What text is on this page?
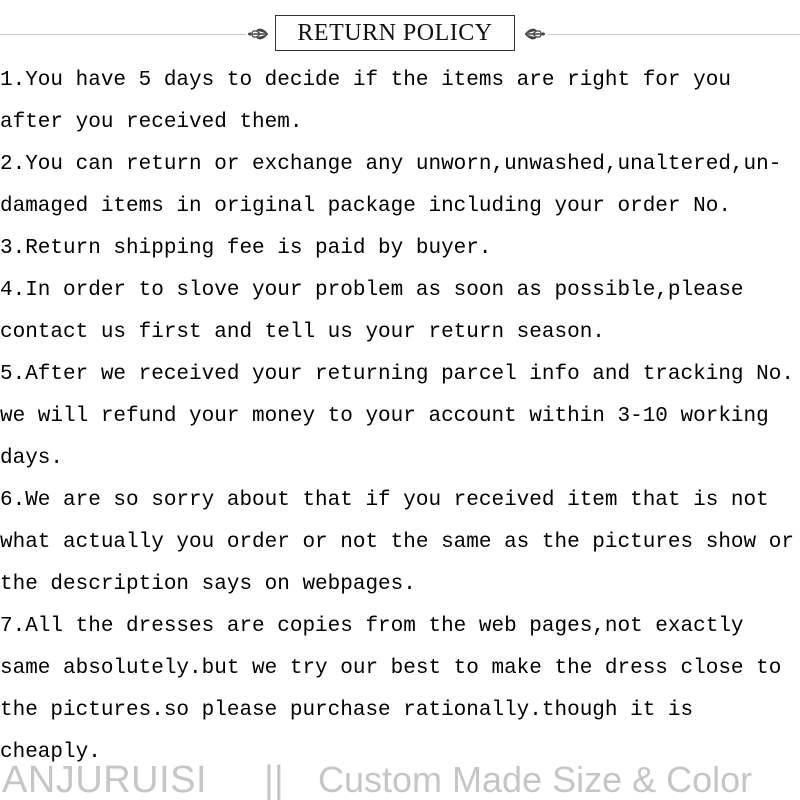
RETURN POLICY
1.You have 5 days to decide if the items are right for you
after you received them.
2.You can return or exchange any unworn,unwashed,unaltered,un-
damaged items in original package including your order No.
3.Return shipping fee is paid by buyer.
4.In order to slove your problem as soon as possible,please
contact us first and tell us your return season.
5.After we received your returning parcel info and tracking No.
we will refund your money to your account within 3-10 working
days.
6.We are so sorry about that if you received item that is not
what actually you order or not the same as the pictures show or
the description says on webpages.
7.All the dresses are copies from the web pages,not exactly
same absolutely.but we try our best to make the dress close to
the pictures.so please purchase rationally.though it is
cheaply.
ANJURUISI || Custom Made Size & Color
